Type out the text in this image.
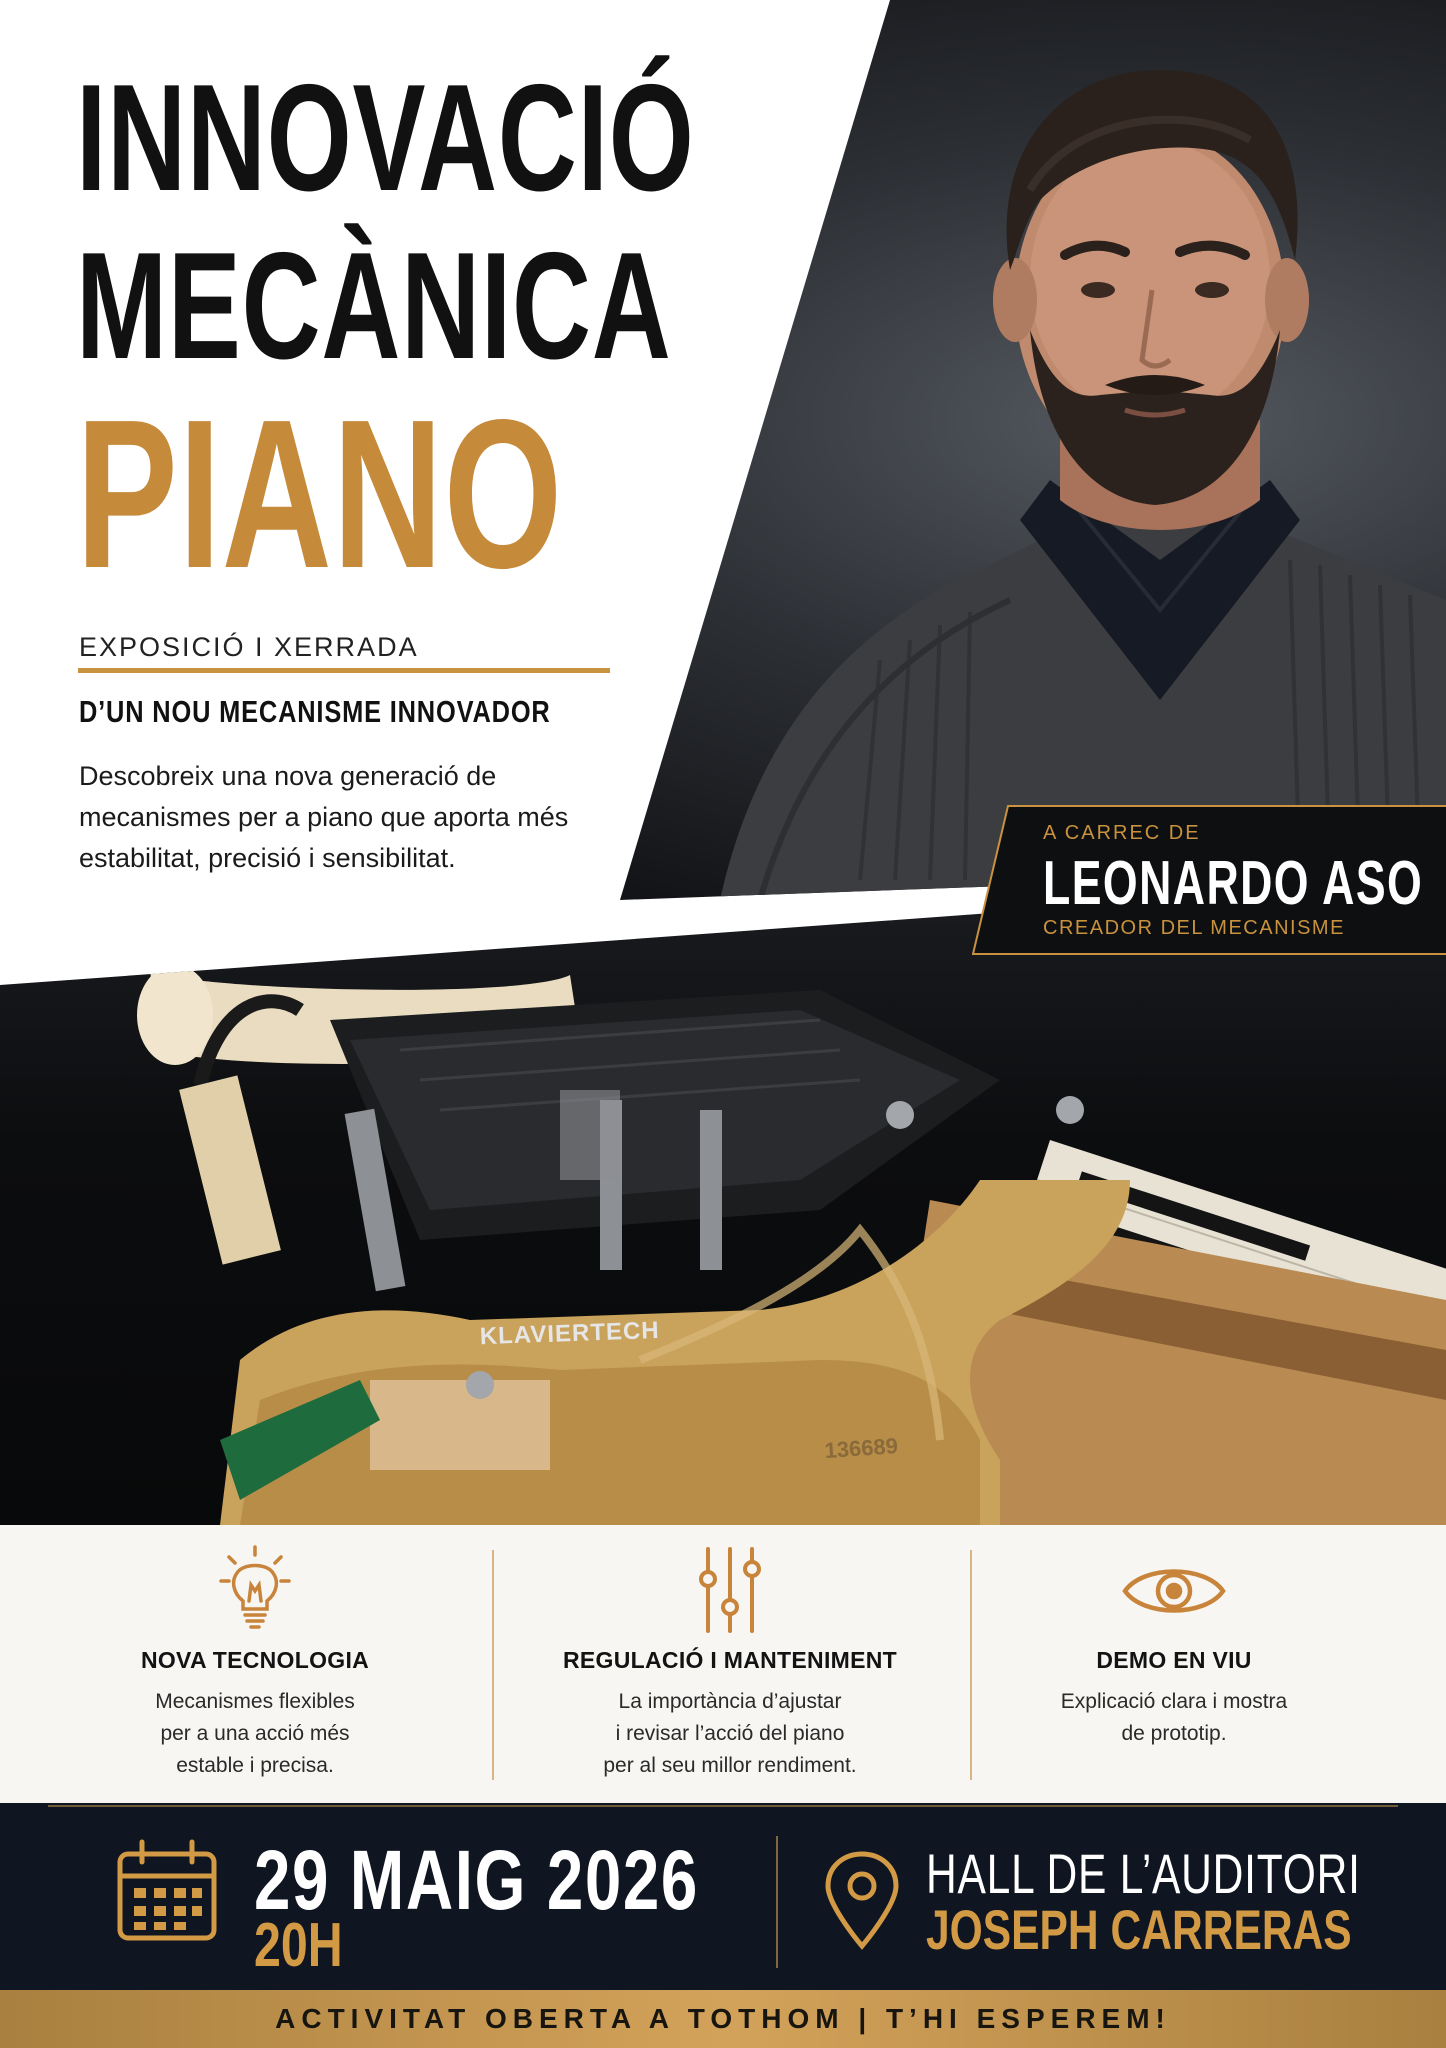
KLAVIERTECH
136689
INNOVACIÓ
MECÀNICA
PIANO
EXPOSICIÓ I XERRADA
D’UN NOU MECANISME INNOVADOR
Descobreix una nova generació de mecanismes per a piano que aporta més estabilitat, precisió i sensibilitat.
A CARREC DE
LEONARDO ASO
CREADOR DEL MECANISME
NOVA TECNOLOGIA
Mecanismes flexibles
per a una acció més
estable i precisa.
REGULACIÓ I MANTENIMENT
La importància d’ajustar
i revisar l’acció del piano
per al seu millor rendiment.
DEMO EN VIU
Explicació clara i mostra
de prototip.
29 MAIG 2026
20H
HALL DE L’AUDITORI
JOSEPH CARRERAS
ACTIVITAT OBERTA A TOTHOM | T’HI ESPEREM!
